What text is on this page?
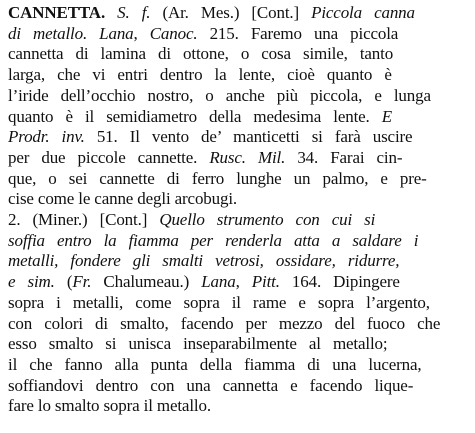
CANNETTA. S. f. (Ar. Mes.) [Cont.] Piccola canna
di metallo. Lana, Canoc. 215. Faremo una piccola
cannetta di lamina di ottone, o cosa simile, tanto
larga, che vi entri dentro la lente, cioè quanto è
l’iride dell’occhio nostro, o anche più piccola, e lunga
quanto è il semidiametro della medesima lente. E
Prodr. inv. 51. Il vento de’ manticetti si farà uscire
per due piccole cannette. Rusc. Mil. 34. Farai cin-
que, o sei cannette di ferro lunghe un palmo, e pre-
cise come le canne degli arcobugi.
2. (Miner.) [Cont.] Quello strumento con cui si
soffia entro la fiamma per renderla atta a saldare i
metalli, fondere gli smalti vetrosi, ossidare, ridurre,
e sim. (Fr. Chalumeau.) Lana, Pitt. 164. Dipingere
sopra i metalli, come sopra il rame e sopra l’argento,
con colori di smalto, facendo per mezzo del fuoco che
esso smalto si unisca inseparabilmente al metallo;
il che fanno alla punta della fiamma di una lucerna,
soffiandovi dentro con una cannetta e facendo lique-
fare lo smalto sopra il metallo.
